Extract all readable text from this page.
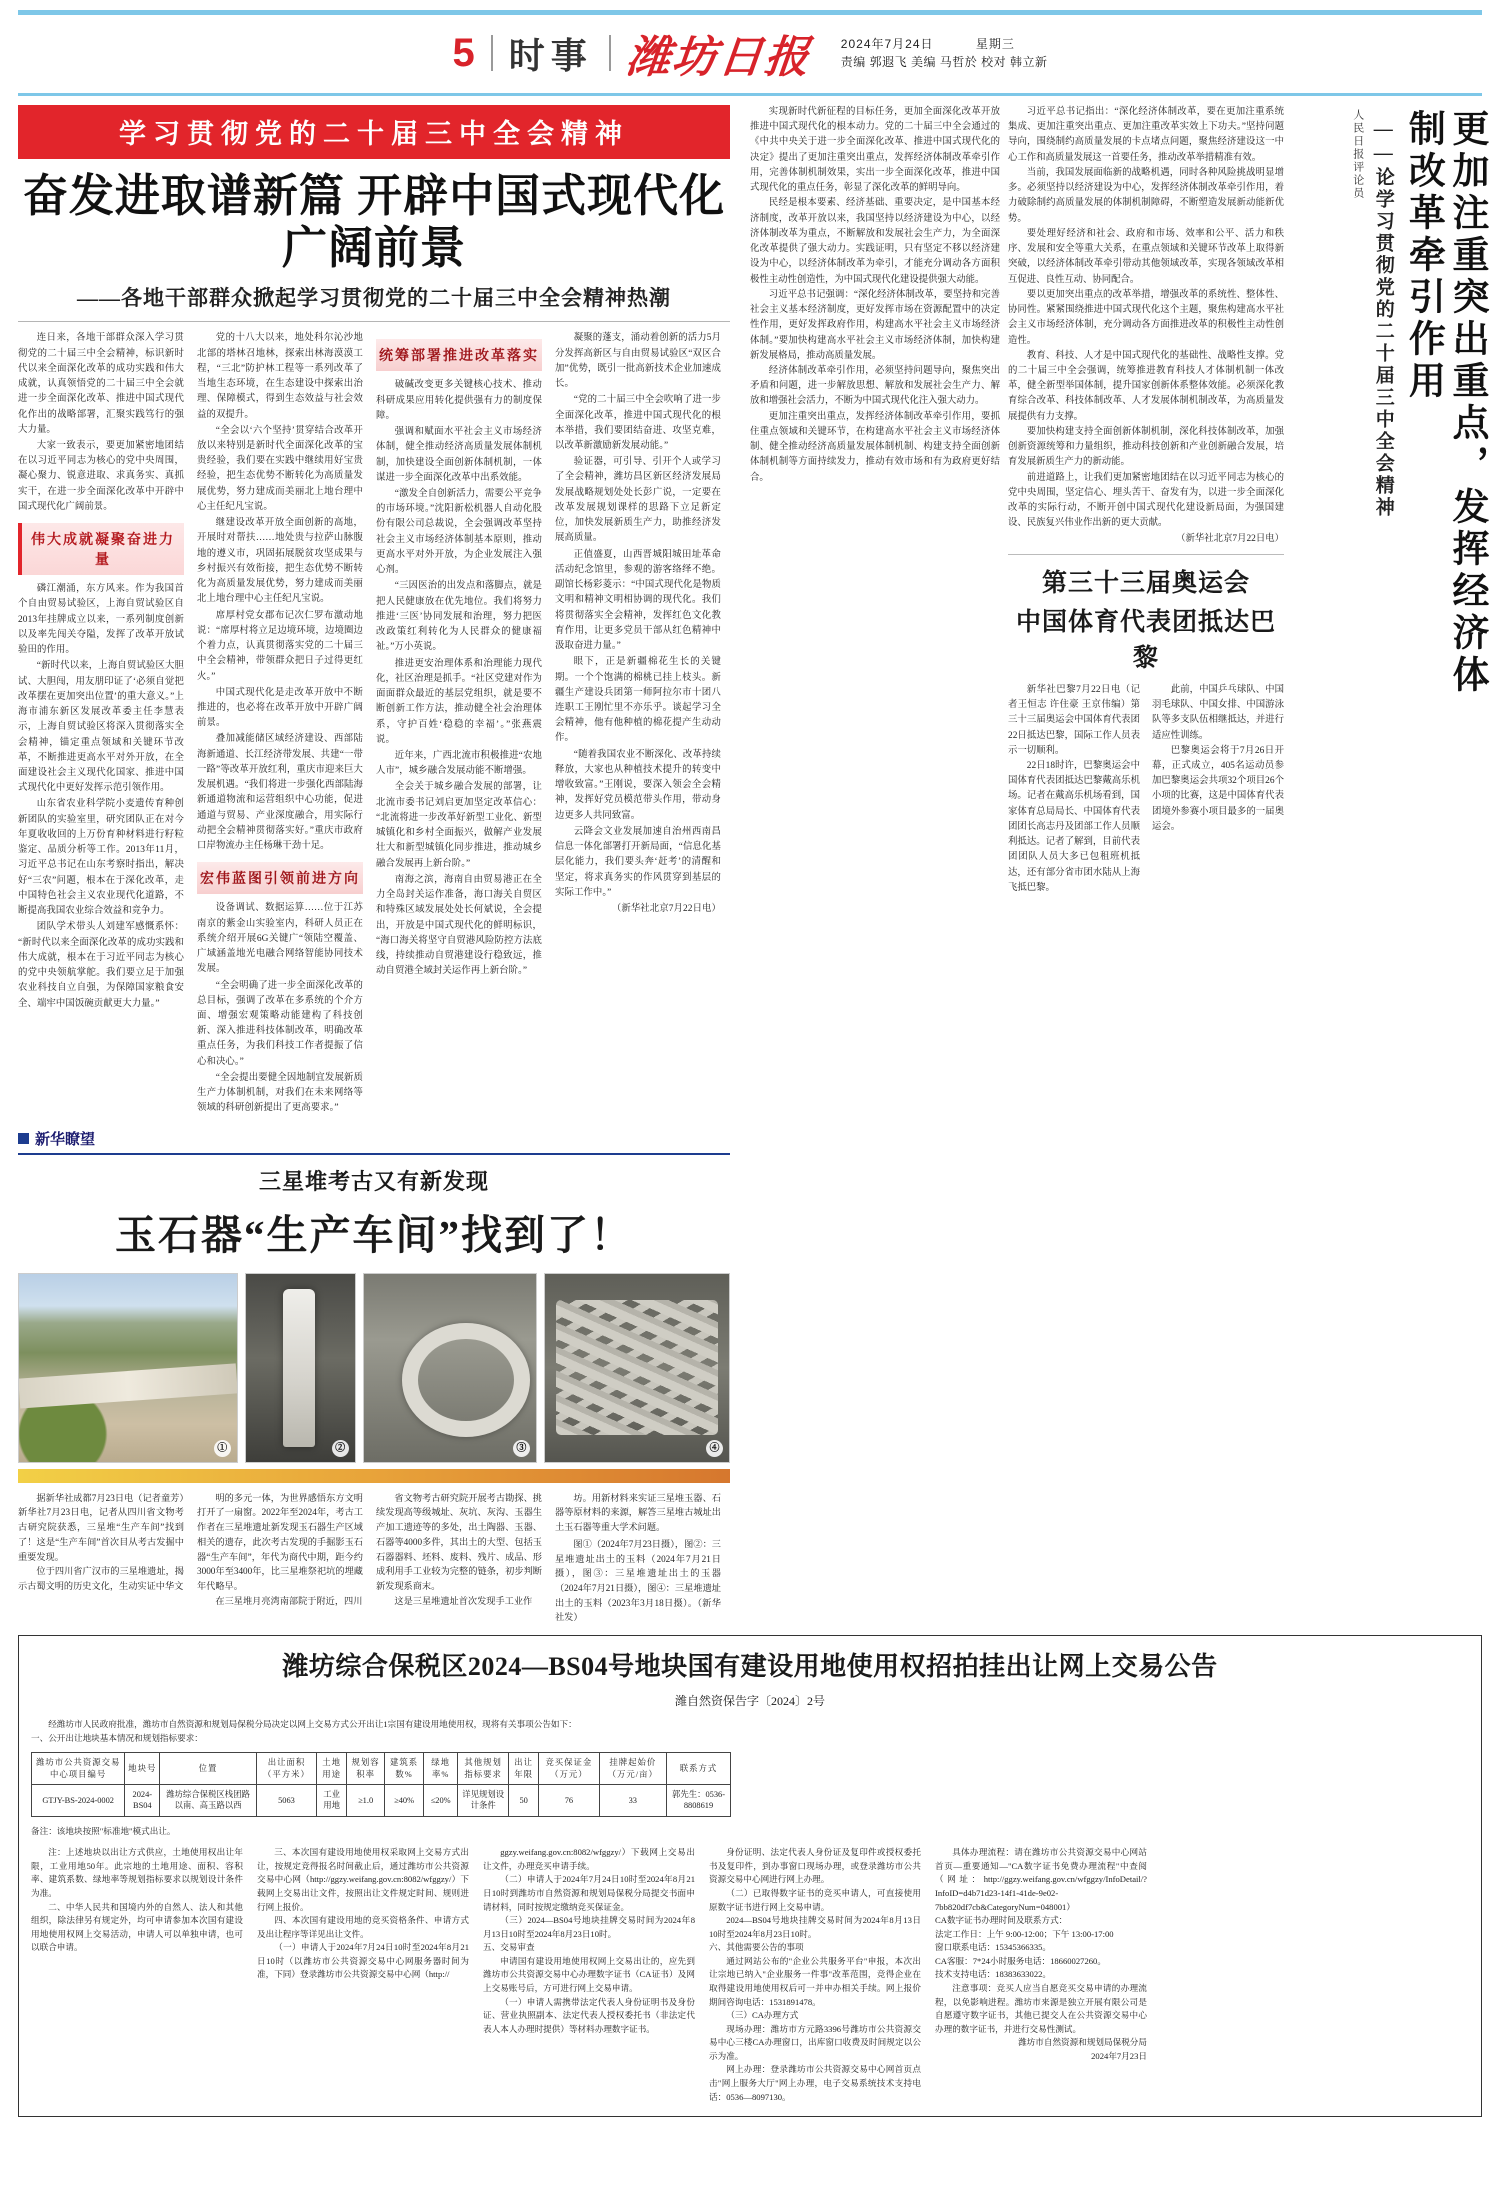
5 时事 潍坊日报 2024年7月24日	星期三
责编 郭遐飞 美编 马哲於 校对 韩立新
学习贯彻党的二十届三中全会精神
奋发进取谱新篇 开辟中国式现代化广阔前景
——各地干部群众掀起学习贯彻党的二十届三中全会精神热潮

连日来，各地干部群众深入学习贯彻党的二十届三中全会精神，标识新时代以来全面深化改革的成功实践和伟大成就，认真领悟党的二十届三中全会就进一步全面深化改革、推进中国式现代化作出的战略部署，汇聚实践笃行的强大力量。

大家一致表示，要更加紧密地团结在以习近平同志为核心的党中央周围，凝心聚力、锐意进取、求真务实、真抓实干，在进一步全面深化改革中开辟中国式现代化广阔前景。

伟大成就凝聚奋进力量

磷江潮涌，东方风来。作为我国首个自由贸易试验区，上海自贸试验区自2013年挂牌成立以来，一系列制度创新以及率先闯关夺隘，发挥了改革开放试验田的作用。

“新时代以来，上海自贸试验区大胆试、大胆闯，用友朋印证了‘必须自觉把改革摆在更加突出位置’的重大意义。”上海市浦东新区发展改革委主任李慧表示，上海自贸试验区将深入贯彻落实全会精神，锚定重点领域和关键环节改革，不断推进更高水平对外开放，在全面建设社会主义现代化国家、推进中国式现代化中更好发挥示范引领作用。

山东省农业科学院小麦遗传育种创新团队的实验室里，研究团队正在对今年夏收收回的上万份育种材料进行籽粒鉴定、品质分析等工作。2013年11月，习近平总书记在山东考察时指出，解决好“三农”问题，根本在于深化改革，走中国特色社会主义农业现代化道路，不断提高我国农业综合效益和竞争力。

团队学术带头人刘建军感慨系怀：“新时代以来全面深化改革的成功实践和伟大成就，根本在于习近平同志为核心的党中央领航掌舵。我们要立足于加强农业科技自立自强，为保障国家粮食安全、端牢中国饭碗贡献更大力量。”

党的十八大以来，地处科尔沁沙地北部的塔林召地林，探索出林海漠漠工程，“三北”防护林工程等一系列改革了当地生态环境，在生态建设中探索出治理、保障模式，得到生态效益与社会效益的双提升。

“全会以‘六个坚持’贯穿结合改革开放以来特别是新时代全面深化改革的宝贵经验，我们要在实践中继续用好宝贵经验，把生态优势不断转化为高质量发展优势，努力建成而美丽北上地台理中心主任纪凡宝说。

继建设改革开放全面创新的高地，开展时对帮扶……地处贵与拉萨山脉腹地的遵义市，巩固拓展脱贫攻坚成果与乡村振兴有效衔接，把生态优势不断转化为高质量发展优势，努力建成而美丽北上地台理中心主任纪凡宝说。

席厚村党女郡布记次仁罗布激动地说：“席厚村将立足边境环境，边境圈边个着力点，认真贯彻落实党的二十届三中全会精神，带领群众把日子过得更红火。”

中国式现代化是走改革开放中不断推进的，也必将在改革开放中开辟广阔前景。

叠加减能储区域经济建设、西部陆海新通道、长江经济带发展、共建“一带一路”等改革开放红利，重庆市迎来巨大发展机遇。“我们将进一步强化西部陆海新通道物流和运营组织中心功能，促进通道与贸易、产业深度融合，用实际行动把全会精神贯彻落实好。”重庆市政府口岸物流办主任杨琳干劲十足。

宏伟蓝图引领前进方向

设备调试、数据运算……位于江苏南京的紫金山实验室内，科研人员正在系统介绍开展6G关键广“领陆空覆盖、广域涵盖地光电融合网络智能协同技术发展。

“全会明确了进一步全面深化改革的总目标，强调了改革在多系统的个介方面、增强宏观策略动能建构了科技创新、深入推进科技体制改革，明确改革重点任务，为我们科技工作者提振了信心和决心。”

“全会提出要健全因地制宜发展新质生产力体制机制，对我们在未来网络等领域的科研创新提出了更高要求。”

统筹部署推进改革落实

破碱改变更多关键核心技术、推动科研成果应用转化提供强有力的制度保障。

强调和赋面水平社会主义市场经济体制，健全推动经济高质量发展体制机制，加快建设全面创新体制机制，一体谋进一步全面深化改革中出系效能。

“激发全自创新活力，需要公平竞争的市场环境。”沈阳新松机器人自动化股份有限公司总裁说，全会强调改革坚持社会主义市场经济体制基本原则，推动更高水平对外开放，为企业发展注入强心剂。

“三因医治的出发点和落脚点，就是把人民健康放在优先地位。我们将努力推进‘三医’协同发展和治理，努力把医改政策红利转化为人民群众的健康福祉。”万小英说。

推进更安治理体系和治理能力现代化，社区治理是抓手。“社区党建对作为面面群众最近的基层党组织，就是要不断创新工作方法，推动健全社会治理体系，守护百姓‘稳稳的幸福’。”张燕震说。

近年来，广西北流市积极推进“农地人市”，城乡融合发展动能不断增强。

全会关于城乡融合发展的部署，让北流市委书记刘启更加坚定改革信心：“北流将进一步改革好新型工业化、新型城镇化和乡村全面振兴，做解产业发展壮大和新型城镇化同步推进，推动城乡融合发展再上新台阶。”

南海之滨，海南自由贸易港正在全力全岛封关运作准备，海口海关自贸区和特殊区域发展处处长何斌说，全会提出，开放是中国式现代化的鲜明标识，“海口海关将坚守自贸港风险防控方法底线，持续推动自贸港建设行稳致远，推动自贸港全域封关运作再上新台阶。”

凝聚的蓬支，涌动着创新的活力5月分发挥高新区与自由贸易试验区“双区合加”优势，既引一批高新技术企业加速成长。

“党的二十届三中全会吹响了进一步全面深化改革，推进中国式现代化的根本举措，我们要团结奋进、攻坚克难，以改革新激励新发展动能。”

验证器，可引导、引开个人或学习了全会精神，潍坊昌区新区经济发展局发展战略规划处处长彭广说，一定要在改革发展规划课样的思路下立足新定位，加快发展新质生产力，助推经济发展高质量。

正值盛夏，山西晋城阳城田址革命活动纪念馆里，参观的游客络绎不绝。副馆长杨彩菱示：“中国式现代化是物质文明和精神文明相协调的现代化。我们将贯彻落实全会精神，发挥红色文化教育作用，让更多党员干部从红色精神中汲取奋进力量。”

眼下，正是新疆棉花生长的关键期。一个个饱满的棉桃已挂上枝头。新疆生产建设兵团第一师阿拉尔市十团八连职工王刚忙里不亦乐乎。谈起学习全会精神，他有他种植的棉花提产生动动作。

“随着我国农业不断深化、改革持续释放，大家也从种植技术提升的转变中增收致富。”王刚说，要深入领会全会精神，发挥好党员模范带头作用，带动身边更多人共同致富。

云降会文业发展加速自治州西南昌信息一体化部署打开新局面，“信息化基层化能力，我们要头奔‘赶考’的清醒和坚定，将求真务实的作风贯穿到基层的实际工作中。”

（新华社北京7月22日电）

新华瞭望
三星堆考古又有新发现
玉石器“生产车间”找到了！
①	②	③	④

据新华社成都7月23日电（记者童芳）新华社7月23日电，记者从四川省文物考古研究院获悉，三星堆“生产车间”找到了！这是“生产车间”首次目从考古发掘中重要发现。

位于四川省广汉市的三星堆遗址，揭示古蜀文明的历史文化，生动实证中华文

明的多元一体，为世界感悟东方文明打开了一扇窗。2022年至2024年，考古工作者在三星堆遗址新发现玉石器生产区域相关的遗存，此次考古发现的手掘影玉石器“生产车间”，年代为商代中期，距今约3000年至3400年，比三星堆祭祀坑的埋藏年代略早。

在三星堆月亮湾南部院于附近，四川

省文物考古研究院开展考古勘探、挑续发现高等级城址、灰坑、灰沟、玉器生产加工遗迹等的多处，出土陶器、玉器、石器等4000多件，其出土的大型、包括玉石器器料、坯料、废料、残片、成品、形成利用手工业较为完整的链条，初步判断新发现系商末。

这是三星堆遗址首次发现手工业作

坊。用新材料来实证三星堆玉器、石器等原材料的来源，解答三星堆古城址出土玉石器等重大学术问题。

图①（2024年7月23日摄），图②：三星堆遗址出土的玉料（2024年7月21日摄），图③：三星堆遗址出土的玉器（2024年7月21日摄），图④：三星堆遗址出土的玉料（2023年3月18日摄）。（新华社发）

实现新时代新征程的目标任务，更加全面深化改革开放推进中国式现代化的根本动力。党的二十届三中全会通过的《中共中央关于进一步全面深化改革、推进中国式现代化的决定》提出了更加注重突出重点，发挥经济体制改革牵引作用，完善体制机制效果，实出一步全面深化改革，推进中国式现代化的重点任务，彰显了深化改革的鲜明导向。

民经是根本要素、经济基础、重要决定，是中国基本经济制度，改革开放以来，我国坚持以经济建设为中心，以经济体制改革为重点，不断解放和发展社会生产力，为全面深化改革提供了强大动力。实践证明，只有坚定不移以经济建设为中心，以经济体制改革为牵引，才能充分调动各方面积极性主动性创造性，为中国式现代化建设提供强大动能。

习近平总书记强调：“深化经济体制改革，要坚持和完善社会主义基本经济制度，更好发挥市场在资源配置中的决定性作用，更好发挥政府作用，构建高水平社会主义市场经济体制。”要加快构建高水平社会主义市场经济体制，加快构建新发展格局，推动高质量发展。

经济体制改革牵引作用，必须坚持问题导向，聚焦突出矛盾和问题，进一步解放思想、解放和发展社会生产力、解放和增强社会活力，不断为中国式现代化注入强大动力。

更加注重突出重点，发挥经济体制改革牵引作用，要抓住重点领域和关键环节，在构建高水平社会主义市场经济体制、健全推动经济高质量发展体制机制、构建支持全面创新体制机制等方面持续发力，推动有效市场和有为政府更好结合。

习近平总书记指出：“深化经济体制改革，要在更加注重系统集成、更加注重突出重点、更加注重改革实效上下功夫。”坚持问题导向，围绕制约高质量发展的卡点堵点问题，聚焦经济建设这一中心工作和高质量发展这一首要任务，推动改革举措精准有效。

当前，我国发展面临新的战略机遇，同时各种风险挑战明显增多。必须坚持以经济建设为中心，发挥经济体制改革牵引作用，着力破除制约高质量发展的体制机制障碍，不断塑造发展新动能新优势。

要处理好经济和社会、政府和市场、效率和公平、活力和秩序、发展和安全等重大关系，在重点领域和关键环节改革上取得新突破，以经济体制改革牵引带动其他领域改革，实现各领域改革相互促进、良性互动、协同配合。

要以更加突出重点的改革举措，增强改革的系统性、整体性、协同性。紧紧围绕推进中国式现代化这个主题，聚焦构建高水平社会主义市场经济体制，充分调动各方面推进改革的积极性主动性创造性。

教育、科技、人才是中国式现代化的基础性、战略性支撑。党的二十届三中全会强调，统筹推进教育科技人才体制机制一体改革，健全新型举国体制，提升国家创新体系整体效能。必须深化教育综合改革、科技体制改革、人才发展体制机制改革，为高质量发展提供有力支撑。

要加快构建支持全面创新体制机制，深化科技体制改革，加强创新资源统筹和力量组织，推动科技创新和产业创新融合发展，培育发展新质生产力的新动能。

前进道路上，让我们更加紧密地团结在以习近平同志为核心的党中央周围，坚定信心、埋头苦干、奋发有为，以进一步全面深化改革的实际行动，不断开创中国式现代化建设新局面，为强国建设、民族复兴伟业作出新的更大贡献。

（新华社北京7月22日电）

第三十三届奥运会
中国体育代表团抵达巴黎

新华社巴黎7月22日电（记者王恒志 许住豪 王京伟编）第三十三届奥运会中国体育代表团22日抵达巴黎，国际工作人员表示一切顺利。

22日18时许，巴黎奥运会中国体育代表团抵达巴黎戴高乐机场。记者在戴高乐机场看到，国家体育总局局长、中国体育代表团团长高志丹及团部工作人员顺利抵达。记者了解到，目前代表团团队人员大多已包租班机抵达，还有部分省市团水陆从上海飞抵巴黎。

此前，中国乒乓球队、中国羽毛球队、中国女排、中国游泳队等多支队伍相继抵达，并进行适应性训练。

巴黎奥运会将于7月26日开幕，正式成立，405名运动员参加巴黎奥运会共项32个项目26个小项的比赛，这是中国体育代表团境外参赛小项目最多的一届奥运会。

人民日报评论员 ——论学习贯彻党的二十届三中全会精神	更加注重突出重点，发挥经济体制改革牵引作用
潍坊综合保税区2024—BS04号地块国有建设用地使用权招拍挂出让网上交易公告
潍自然资保告字〔2024〕2号

经潍坊市人民政府批准，潍坊市自然资源和规划局保税分局决定以网上交易方式公开出让1宗国有建设用地使用权，现将有关事项公告如下：

一、公开出让地块基本情况和规划指标要求：

潍坊市公共资源交易中心项目编号	地块号	位置	出让面积（平方米）	土地用途	规划容积率	建筑系数%	绿地率%	其他规划指标要求	出让年限	竞买保证金（万元）	挂牌起始价（万元/亩）	联系方式
GTJY-BS-2024-0002	2024-BS04	潍坊综合保税区栈团路以南、高玉路以西	5063	工业用地	≥1.0	≥40%	≤20%	详见规划设计条件	50	76	33	郭先生：0536-8808619

备注：该地块按照"标准地"模式出让。

注：上述地块以出让方式供应，土地使用权出让年限，工业用地50年。此宗地的土地用途、面积、容积率、建筑系数、绿地率等规划指标要求以规划设计条件为准。

二、中华人民共和国境内外的自然人、法人和其他组织，除法律另有规定外，均可申请参加本次国有建设用地使用权网上交易活动，申请人可以单独申请，也可以联合申请。

三、本次国有建设用地使用权采取网上交易方式出让，按规定竞得报名时间截止后，通过潍坊市公共资源交易中心网（http://ggzy.weifang.gov.cn:8082/wfggzy/）下载网上交易出让文件，按照出让文件规定时间、规则进行网上报价。

四、本次国有建设用地的竞买资格条件、申请方式及出让程序等详见出让文件。

（一）申请人于2024年7月24日10时至2024年8月21日10时（以潍坊市公共资源交易中心网服务器时间为准，下同）登录潍坊市公共资源交易中心网（http://

ggzy.weifang.gov.cn:8082/wfggzy/）下载网上交易出让文件，办理竞买申请手续。

（二）申请人于2024年7月24日10时至2024年8月21日10时到潍坊市自然资源和规划局保税分局提交书面申请材料，同时按规定缴纳竞买保证金。

（三）2024—BS04号地块挂牌交易时间为2024年8月13日10时至2024年8月23日10时。

五、交易审查

申请国有建设用地使用权网上交易出让的，应先到潍坊市公共资源交易中心办理数字证书（CA证书）及网上交易账号后，方可进行网上交易申请。

（一）申请人需携带法定代表人身份证明书及身份证、营业执照副本、法定代表人授权委托书（非法定代表人本人办理时提供）等材料办理数字证书。

身份证明、法定代表人身份证及复印件或授权委托书及复印件，到办事窗口现场办理，或登录潍坊市公共资源交易中心网进行网上办理。

（二）已取得数字证书的竞买申请人，可直接使用原数字证书进行网上交易申请。

2024—BS04号地块挂牌交易时间为2024年8月13日10时至2024年8月23日10时。

六、其他需要公告的事项

通过网站公布的"企业公共服务平台"申报，本次出让宗地已纳入"企业服务一件事"改革范围，竞得企业在取得建设用地使用权后可一并申办相关手续。网上报价期间咨询电话：1531891478。

（三）CA办理方式

现场办理：潍坊市方元路3396号潍坊市公共资源交易中心三楼CA办理窗口，出库窗口收费及时间规定以公示为准。

网上办理：登录潍坊市公共资源交易中心网首页点击"网上服务大厅"网上办理，电子交易系统技术支持电话：0536—8097130。

具体办理流程：请在潍坊市公共资源交易中心网站首页—重要通知—"CA数字证书免费办理流程"中查阅（网址：http://ggzy.weifang.gov.cn/wfggzy/InfoDetail/?InfoID=d4b71d23-14f1-41de-9e02-7bb820df7cb&CategoryNum=048001）

CA数字证书办理时间及联系方式：

法定工作日：上午 9:00-12:00；下午 13:00-17:00

窗口联系电话：15345366335。

CA客服：7*24小时服务电话：18660027260。

技术支持电话：18383633022。

注意事项：竞买人应当自愿竞买交易申请的办理流程，以免影响进程。潍坊市来源是独立开展有限公司是自愿遵守数字证书，其他已提交人在公共资源交易中心办理的数字证书，并进行交易性测试。

潍坊市自然资源和规划局保税分局

2024年7月23日
